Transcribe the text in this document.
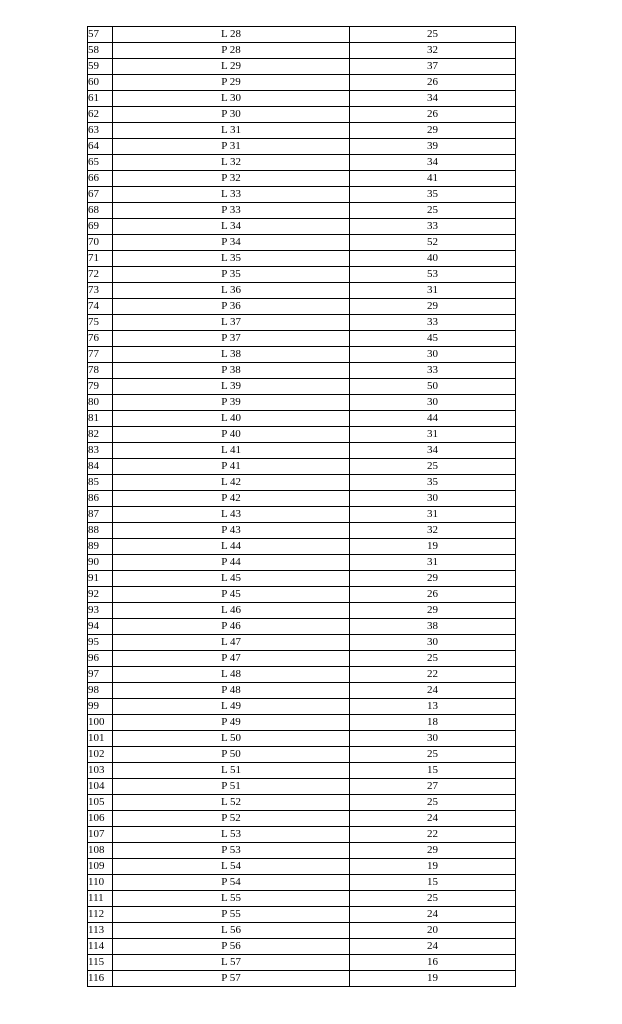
57	L 28	25
58	P 28	32
59	L 29	37
60	P 29	26
61	L 30	34
62	P 30	26
63	L 31	29
64	P 31	39
65	L 32	34
66	P 32	41
67	L 33	35
68	P 33	25
69	L 34	33
70	P 34	52
71	L 35	40
72	P 35	53
73	L 36	31
74	P 36	29
75	L 37	33
76	P 37	45
77	L 38	30
78	P 38	33
79	L 39	50
80	P 39	30
81	L 40	44
82	P 40	31
83	L 41	34
84	P 41	25
85	L 42	35
86	P 42	30
87	L 43	31
88	P 43	32
89	L 44	19
90	P 44	31
91	L 45	29
92	P 45	26
93	L 46	29
94	P 46	38
95	L 47	30
96	P 47	25
97	L 48	22
98	P 48	24
99	L 49	13
100	P 49	18
101	L 50	30
102	P 50	25
103	L 51	15
104	P 51	27
105	L 52	25
106	P 52	24
107	L 53	22
108	P 53	29
109	L 54	19
110	P 54	15
111	L 55	25
112	P 55	24
113	L 56	20
114	P 56	24
115	L 57	16
116	P 57	19
